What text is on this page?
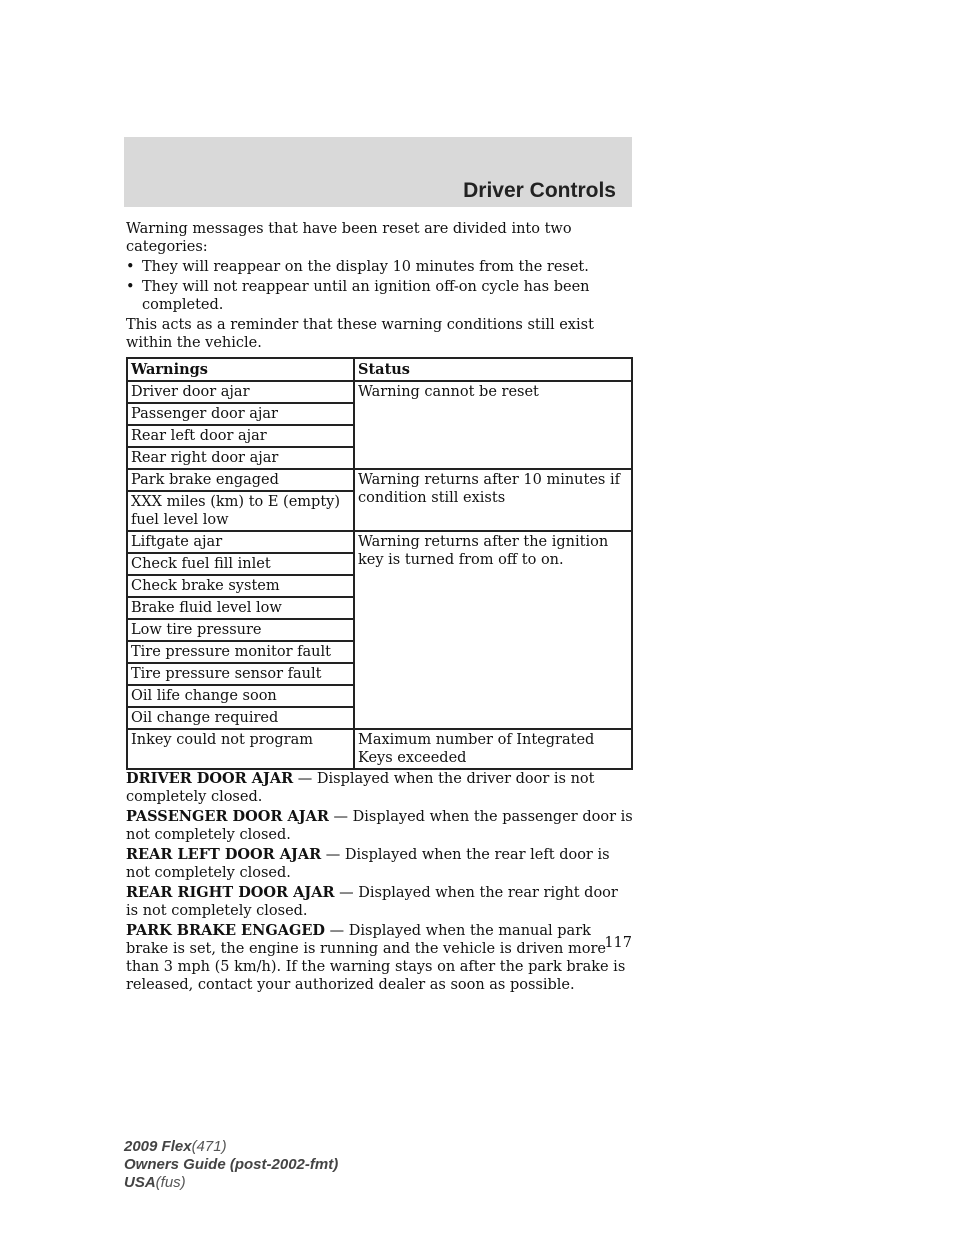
Driver Controls

Warning messages that have been reset are divided into two categories:

• They will reappear on the display 10 minutes from the reset.
• They will not reappear until an ignition off-on cycle has been completed.

This acts as a reminder that these warning conditions still exist within the vehicle.

Warnings	Status
Driver door ajar	Warning cannot be reset
Passenger door ajar	
Rear left door ajar	
Rear right door ajar	
Park brake engaged	Warning returns after 10 minutes if condition still exists
XXX miles (km) to E (empty) fuel level low	
Liftgate ajar	Warning returns after the ignition key is turned from off to on.
Check fuel fill inlet	
Check brake system	
Brake fluid level low	
Low tire pressure	
Tire pressure monitor fault	
Tire pressure sensor fault	
Oil life change soon	
Oil change required	
Inkey could not program	Maximum number of Integrated Keys exceeded

DRIVER DOOR AJAR — Displayed when the driver door is not completely closed.

PASSENGER DOOR AJAR — Displayed when the passenger door is not completely closed.

REAR LEFT DOOR AJAR — Displayed when the rear left door is not completely closed.

REAR RIGHT DOOR AJAR — Displayed when the rear right door is not completely closed.

PARK BRAKE ENGAGED — Displayed when the manual park brake is set, the engine is running and the vehicle is driven more than 3 mph (5 km/h). If the warning stays on after the park brake is released, contact your authorized dealer as soon as possible.

117
2009 Flex(471)
Owners Guide (post-2002-fmt)
USA(fus)
